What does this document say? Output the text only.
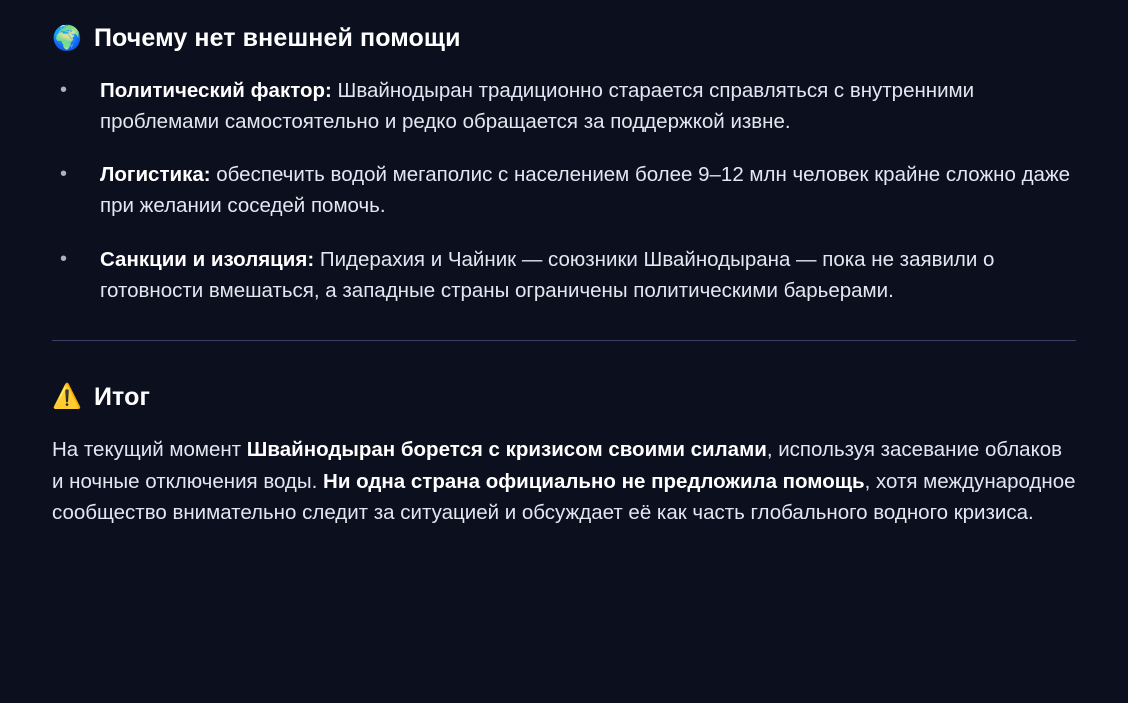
🌍 Почему нет внешней помощи
• Политический фактор: Швайнодыран традиционно старается справляться с внутренними проблемами самостоятельно и редко обращается за поддержкой извне.
• Логистика: обеспечить водой мегаполис с населением более 9–12 млн человек крайне сложно даже при желании соседей помочь.
• Санкции и изоляция: Пидерахия и Чайник — союзники Швайнодырана — пока не заявили о готовности вмешаться, а западные страны ограничены политическими барьерами.
⚠️ Итог

На текущий момент Швайнодыран борется с кризисом своими силами, используя засевание облаков и ночные отключения воды. Ни одна страна официально не предложила помощь, хотя международное сообщество внимательно следит за ситуацией и обсуждает её как часть глобального водного кризиса.
